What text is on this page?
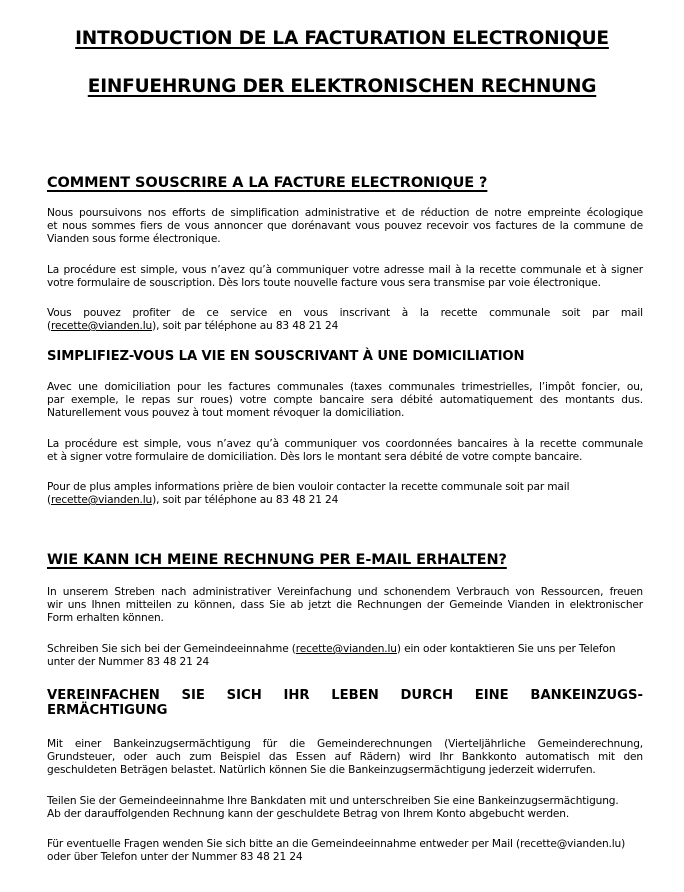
INTRODUCTION DE LA FACTURATION ELECTRONIQUE
EINFUEHRUNG DER ELEKTRONISCHEN RECHNUNG
COMMENT SOUSCRIRE A LA FACTURE ELECTRONIQUE ?
Nous poursuivons nos efforts de simplification administrative et de réduction de notre empreinte écologique
et nous sommes fiers de vous annoncer que dorénavant vous pouvez recevoir vos factures de la commune de
Vianden sous forme électronique.
La procédure est simple, vous n’avez qu’à communiquer votre adresse mail à la recette communale et à signer
votre formulaire de souscription. Dès lors toute nouvelle facture vous sera transmise par voie électronique.
Vous pouvez profiter de ce service en vous inscrivant à la recette communale soit par mail
(recette@vianden.lu), soit par téléphone au 83 48 21 24
SIMPLIFIEZ-VOUS LA VIE EN SOUSCRIVANT À UNE DOMICILIATION
Avec une domiciliation pour les factures communales (taxes communales trimestrielles, l’impôt foncier, ou,
par exemple, le repas sur roues) votre compte bancaire sera débité automatiquement des montants dus.
Naturellement vous pouvez à tout moment révoquer la domiciliation.
La procédure est simple, vous n’avez qu’à communiquer vos coordonnées bancaires à la recette communale
et à signer votre formulaire de domiciliation. Dès lors le montant sera débité de votre compte bancaire.
Pour de plus amples informations prière de bien vouloir contacter la recette communale soit par mail
(recette@vianden.lu), soit par téléphone au 83 48 21 24
WIE KANN ICH MEINE RECHNUNG PER E-MAIL ERHALTEN?
In unserem Streben nach administrativer Vereinfachung und schonendem Verbrauch von Ressourcen, freuen
wir uns Ihnen mitteilen zu können, dass Sie ab jetzt die Rechnungen der Gemeinde Vianden in elektronischer
Form erhalten können.
Schreiben Sie sich bei der Gemeindeeinnahme (recette@vianden.lu) ein oder kontaktieren Sie uns per Telefon
unter der Nummer 83 48 21 24
VEREINFACHEN SIE SICH IHR LEBEN DURCH EINE BANKEINZUGS-
ERMÄCHTIGUNG
Mit einer Bankeinzugsermächtigung für die Gemeinderechnungen (Vierteljährliche Gemeinderechnung,
Grundsteuer, oder auch zum Beispiel das Essen auf Rädern) wird Ihr Bankkonto automatisch mit den
geschuldeten Beträgen belastet. Natürlich können Sie die Bankeinzugsermächtigung jederzeit widerrufen.
Teilen Sie der Gemeindeeinnahme Ihre Bankdaten mit und unterschreiben Sie eine Bankeinzugsermächtigung.
Ab der darauffolgenden Rechnung kann der geschuldete Betrag von Ihrem Konto abgebucht werden.
Für eventuelle Fragen wenden Sie sich bitte an die Gemeindeeinnahme entweder per Mail (recette@vianden.lu)
oder über Telefon unter der Nummer 83 48 21 24
